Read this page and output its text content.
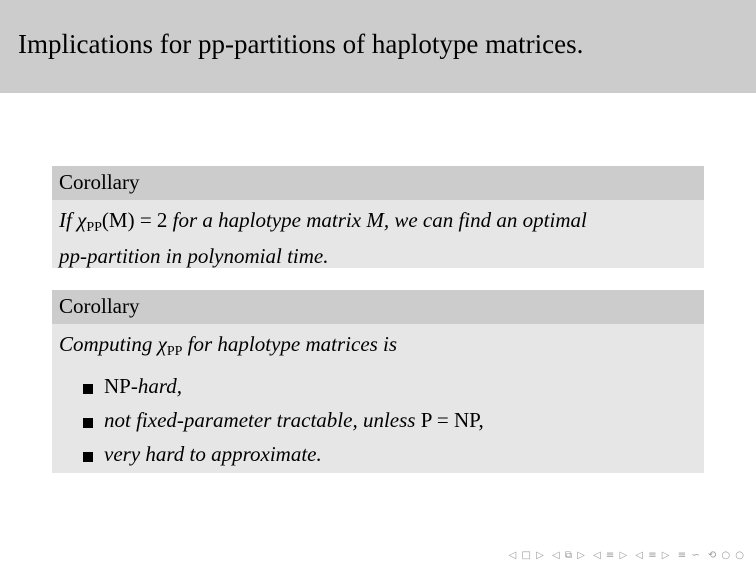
Implications for pp-partitions of haplotype matrices.
Corollary
If $\chi_{PP}(M) = 2$ for a haplotype matrix M, we can find an optimal
pp-partition in polynomial time.
Corollary
Computing $\chi_{PP}$ for haplotype matrices is
NP-hard,
not fixed-parameter tractable, unless P = NP,
very hard to approximate.
◁ □ ▷ ◁ ⧉ ▷ ◁ ≡ ▷ ◁ ≡ ▷ ≡ ∽ ⟲ ○ ○
